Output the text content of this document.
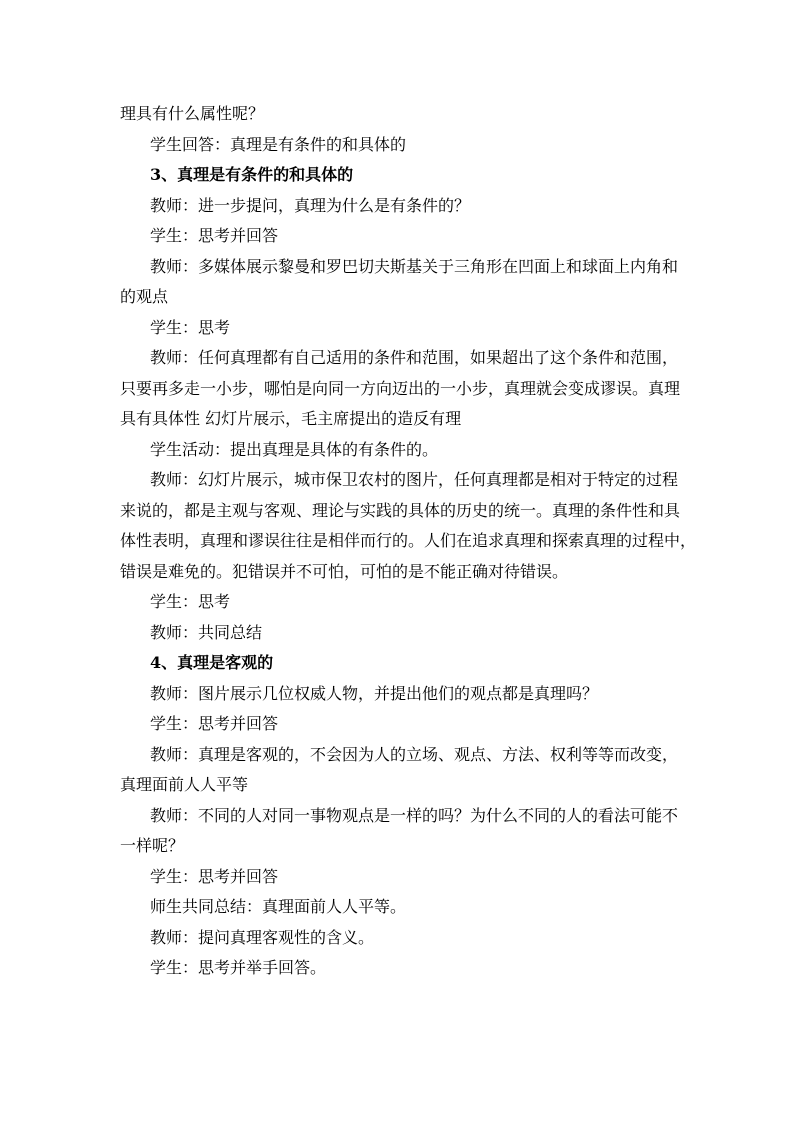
理具有什么属性呢？
学生回答：真理是有条件的和具体的
3、真理是有条件的和具体的
教师：进一步提问，真理为什么是有条件的？
学生：思考并回答
教师：多媒体展示黎曼和罗巴切夫斯基关于三角形在凹面上和球面上内角和
的观点
学生：思考
教师：任何真理都有自己适用的条件和范围，如果超出了这个条件和范围，
只要再多走一小步，哪怕是向同一方向迈出的一小步，真理就会变成谬误。真理
具有具体性 幻灯片展示，毛主席提出的造反有理
学生活动：提出真理是具体的有条件的。
教师：幻灯片展示，城市保卫农村的图片，任何真理都是相对于特定的过程
来说的，都是主观与客观、理论与实践的具体的历史的统一。真理的条件性和具
体性表明，真理和谬误往往是相伴而行的。人们在追求真理和探索真理的过程中，
错误是难免的。犯错误并不可怕，可怕的是不能正确对待错误。
学生：思考
教师：共同总结
4、真理是客观的
教师：图片展示几位权威人物，并提出他们的观点都是真理吗？
学生：思考并回答
教师：真理是客观的，不会因为人的立场、观点、方法、权利等等而改变，
真理面前人人平等
教师：不同的人对同一事物观点是一样的吗？为什么不同的人的看法可能不
一样呢？
学生：思考并回答
师生共同总结：真理面前人人平等。
教师：提问真理客观性的含义。
学生：思考并举手回答。
